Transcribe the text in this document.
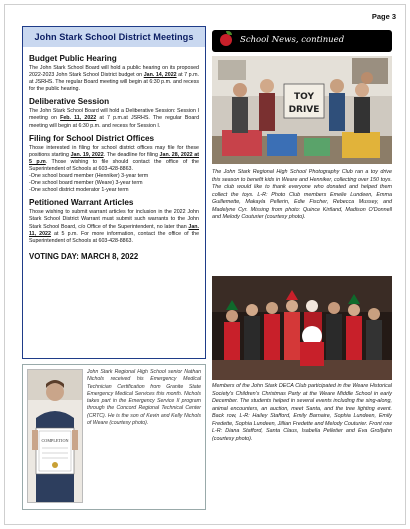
Page 3
John Stark School District Meetings
Budget Public Hearing

The John Stark School Board will hold a public hearing on its proposed 2022-2023 John Stark School District budget on Jan. 14, 2022 at 7 p.m. at JSRHS. The regular Board meeting will begin at 6:30 p.m. and recess for the public hearing.

Deliberative Session

The John Stark School Board will hold a Deliberative Session: Session I meeting on Feb. 11, 2022 at 7 p.m.at JSRHS. The regular Board meeting will begin at 6:30 p.m. and recess for Session I.

Filing for School District Offices

Those interested in filing for school district offices may file for these positions starting Jan. 19, 2022. The deadline for filing Jan. 28, 2022 at 5 p.m. Those wishing to file should contact the office of the Superintendent of Schools at 603-428-8863.

-One school board member (Henniker) 3-year term

-One school board member (Weare) 3-year term

-One school district moderator 1-year term

Petitioned Warrant Articles

Those wishing to submit warrant articles for inclusion in the 2022 John Stark School District Warrant must submit such warrants to the John Stark School Board, c/o Office of the Superintendent, no later than Jan. 11, 2022 at 5 p.m. For more information, contact the office of the Superintendent of Schools at 603-428-8863.

VOTING DAY: MARCH 8, 2022
COMPLETION
John Stark Regional High School senior Nathan Nichols received his Emergency Medical Technician Certification from Granite State Emergency Medical Services this month. Nichols takes part in the Emergency Service II program through the Concord Regional Technical Center (CRTC). He is the son of Kevin and Kelly Nichols of Weare (courtesy photo).
School News, continued
TOY
DRIVE
The John Stark Regional High School Photography Club ran a toy drive this season to benefit kids in Weare and Henniker, collecting over 150 toys. The club would like to thank everyone who donated and helped them collect the toys. L-R: Photo Club members Emelie Lundeen, Emma Guillemette, Makayla Pellerin, Edie Fischer, Rebecca Mussey, and Madelyne Cyr. Missing from photo: Quince Kirtland, Madison O'Donnell and Melody Couturier (courtesy photo).
Members of the John Stark DECA Club participated in the Weare Historical Society's Children's Christmas Party at the Weare Middle School in early December. The students helped in several events including the sing-along, animal encounters, an auction, meet Santa, and the tree lighting event. Back row, L-R: Hailey Stafford, Emily Barnaire, Sophia Lundeen, Emily Fredette, Sophia Lundeen, Jillian Fredette and Melody Couturier. Front row L-R: Diana Stafford, Santa Claus, Isabella Pelletier and Eva Grolljahn (courtesy photo).
